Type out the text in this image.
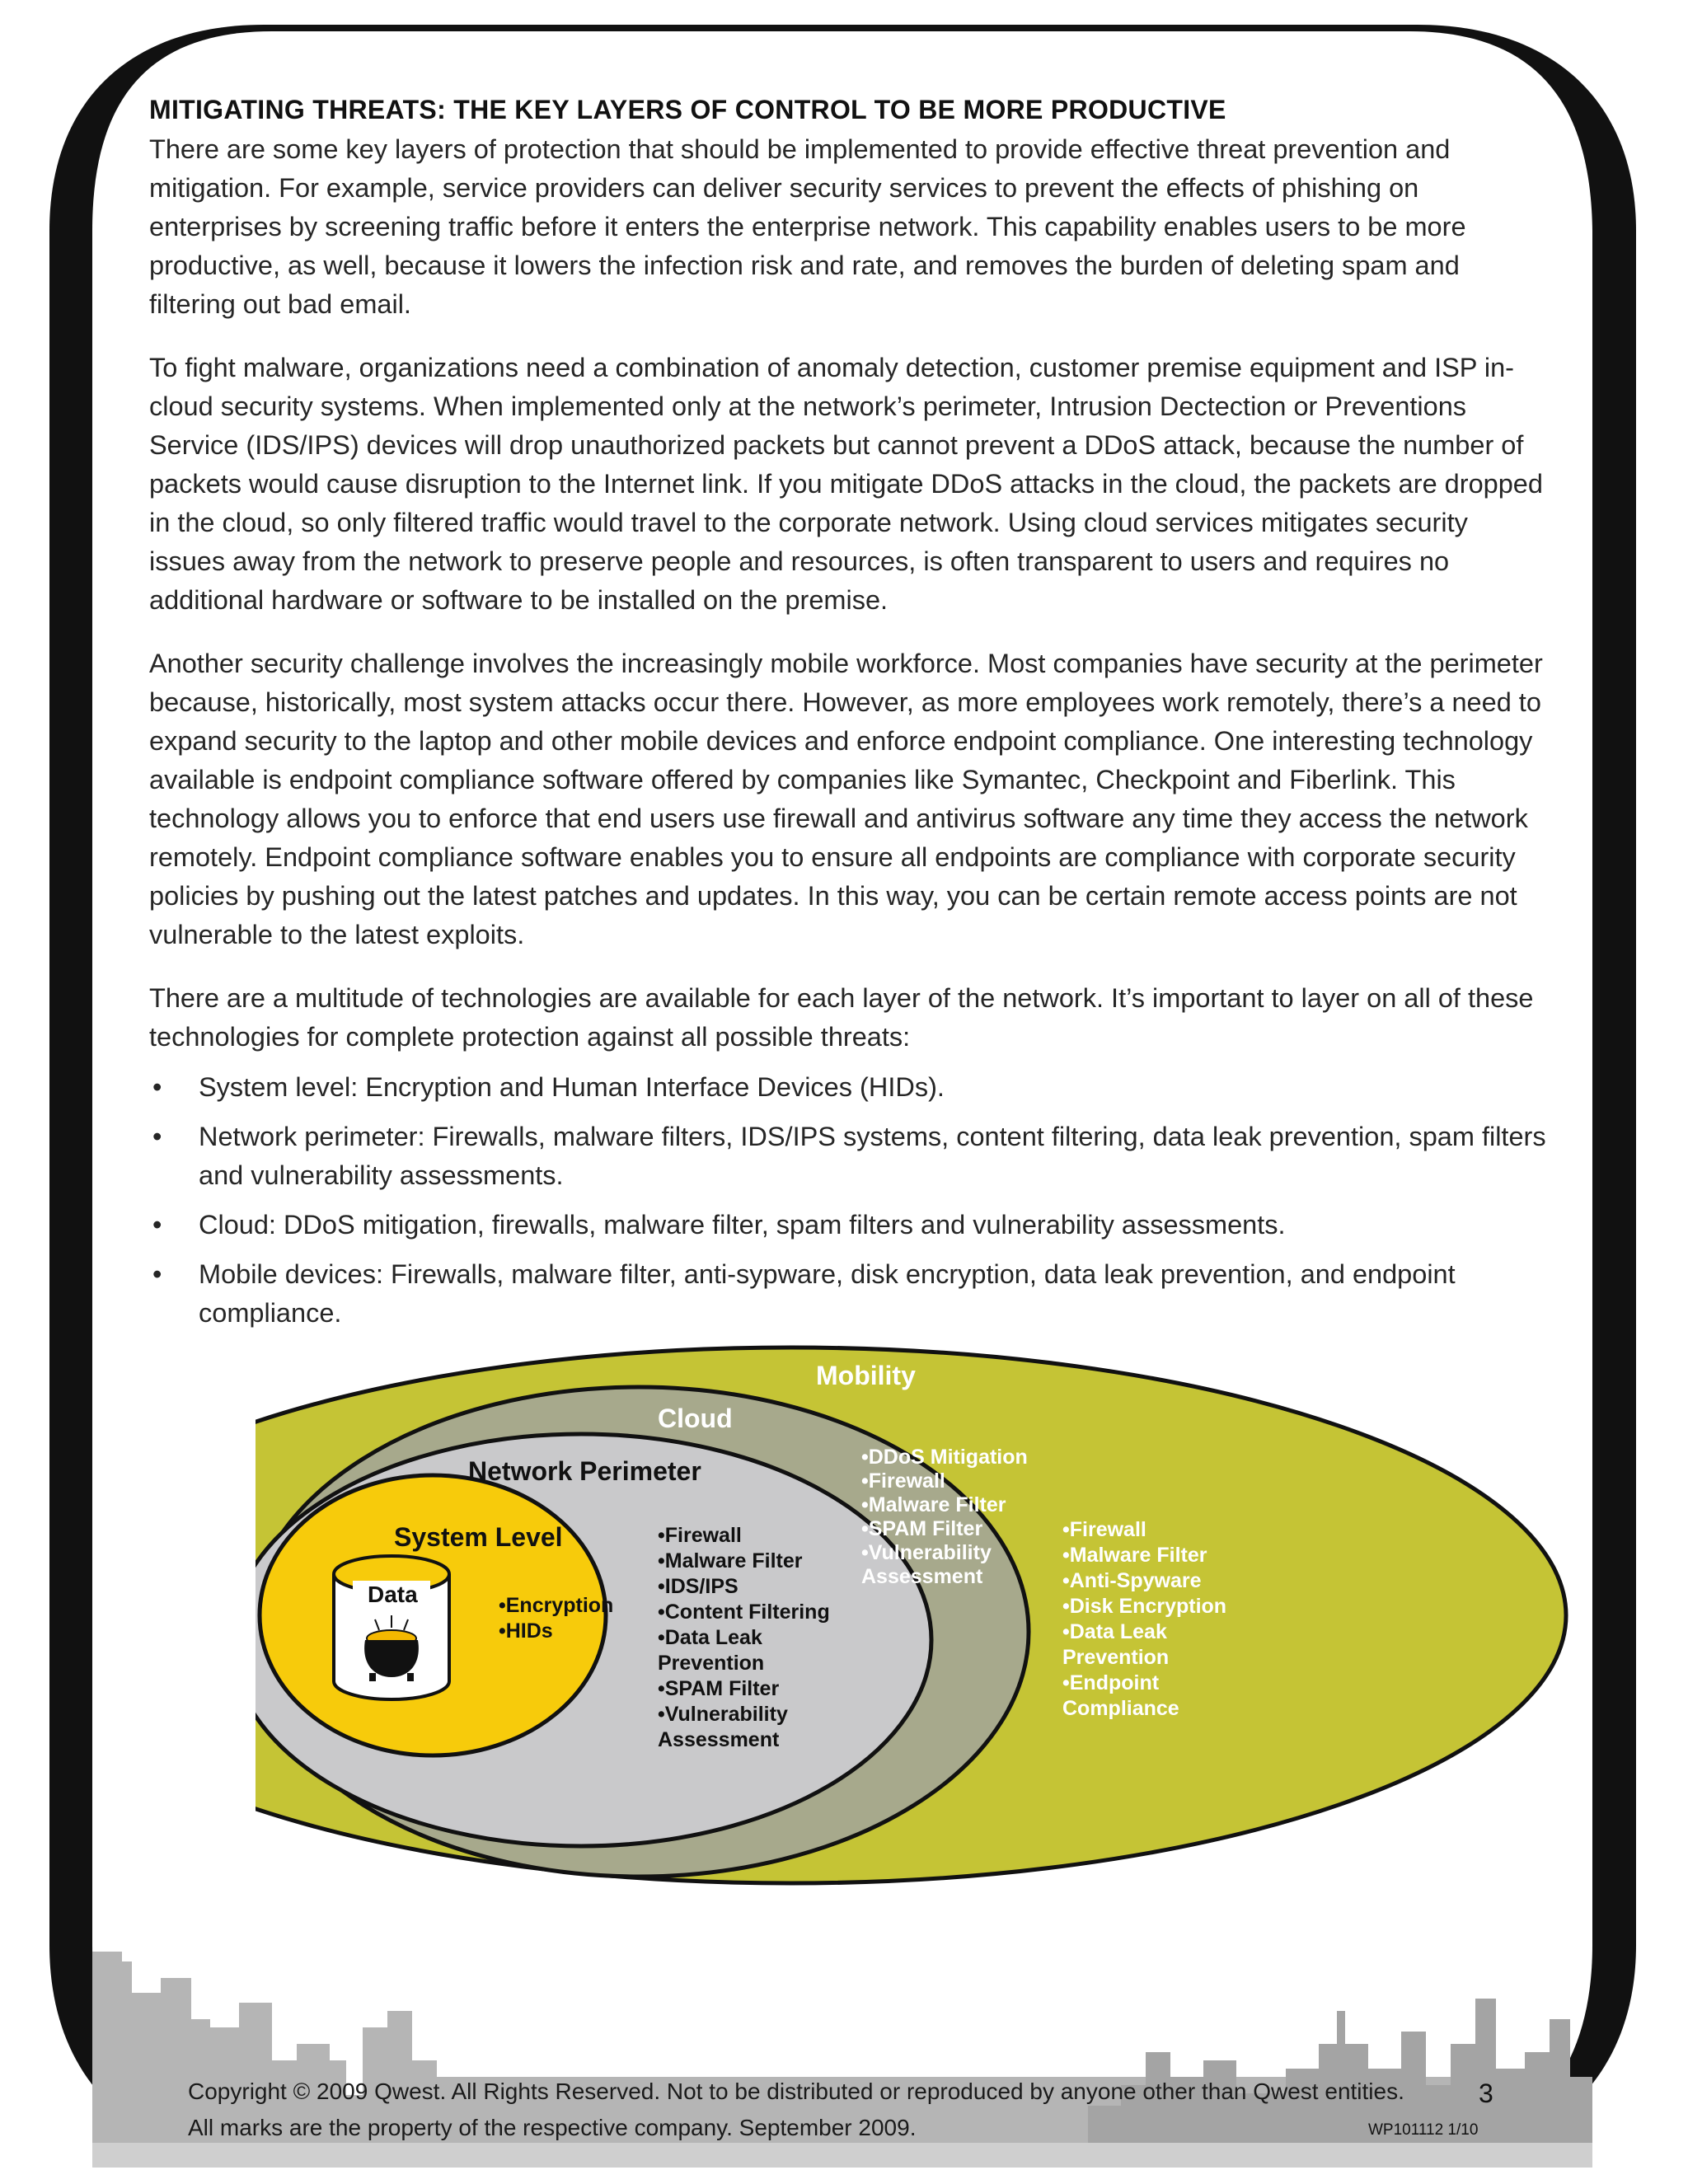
MITIGATING THREATS: THE KEY LAYERS OF CONTROL TO BE MORE PRODUCTIVE

There are some key layers of protection that should be implemented to provide effective threat prevention and mitigation. For example, service providers can deliver security services to prevent the effects of phishing on enterprises by screening traffic before it enters the enterprise network. This capability enables users to be more productive, as well, because it lowers the infection risk and rate, and removes the burden of deleting spam and filtering out bad email.

To fight malware, organizations need a combination of anomaly detection, customer premise equipment and ISP in-cloud security systems. When implemented only at the network’s perimeter, Intrusion Dectection or Preventions Service (IDS/IPS) devices will drop unauthorized packets but cannot prevent a DDoS attack, because the number of packets would cause disruption to the Internet link. If you mitigate DDoS attacks in the cloud, the packets are dropped in the cloud, so only filtered traffic would travel to the corporate network. Using cloud services mitigates security issues away from the network to preserve people and resources, is often transparent to users and requires no additional hardware or software to be installed on the premise.

Another security challenge involves the increasingly mobile workforce. Most companies have security at the perimeter because, historically, most system attacks occur there. However, as more employees work remotely, there’s a need to expand security to the laptop and other mobile devices and enforce endpoint compliance. One interesting technology available is endpoint compliance software offered by companies like Symantec, Checkpoint and Fiberlink. This technology allows you to enforce that end users use firewall and antivirus software any time they access the network remotely. Endpoint compliance software enables you to ensure all endpoints are compliance with corporate security policies by pushing out the latest patches and updates. In this way, you can be certain remote access points are not vulnerable to the latest exploits.

There are a multitude of technologies are available for each layer of the network. It’s important to layer on all of these technologies for complete protection against all possible threats:

• System level: Encryption and Human Interface Devices (HIDs).
• Network perimeter: Firewalls, malware filters, IDS/IPS systems, content filtering, data leak prevention, spam filters and vulnerability assessments.
• Cloud: DDoS mitigation, firewalls, malware filter, spam filters and vulnerability assessments.
• Mobile devices: Firewalls, malware filter, anti-sypware, disk encryption, data leak prevention, and endpoint compliance.
Mobility
Cloud
Network Perimeter
System Level	•Firewall
•Malware Filter
•Anti-Spyware
•Disk Encryption
•Data Leak
Prevention
•Endpoint
Compliance
•DDoS Mitigation
•Firewall
•Malware Filter
•SPAM Filter
•Vulnerability
Assessment
•Firewall
•Malware Filter
•IDS/IPS
•Content Filtering
•Data Leak
Prevention
•SPAM Filter
•Vulnerability
Assessment
•Encryption
•HIDs
Data
Copyright © 2009 Qwest. All Rights Reserved. Not to be distributed or reproduced by anyone other than Qwest entities.
All marks are the property of the respective company. September 2009.
3
WP101112 1/10
